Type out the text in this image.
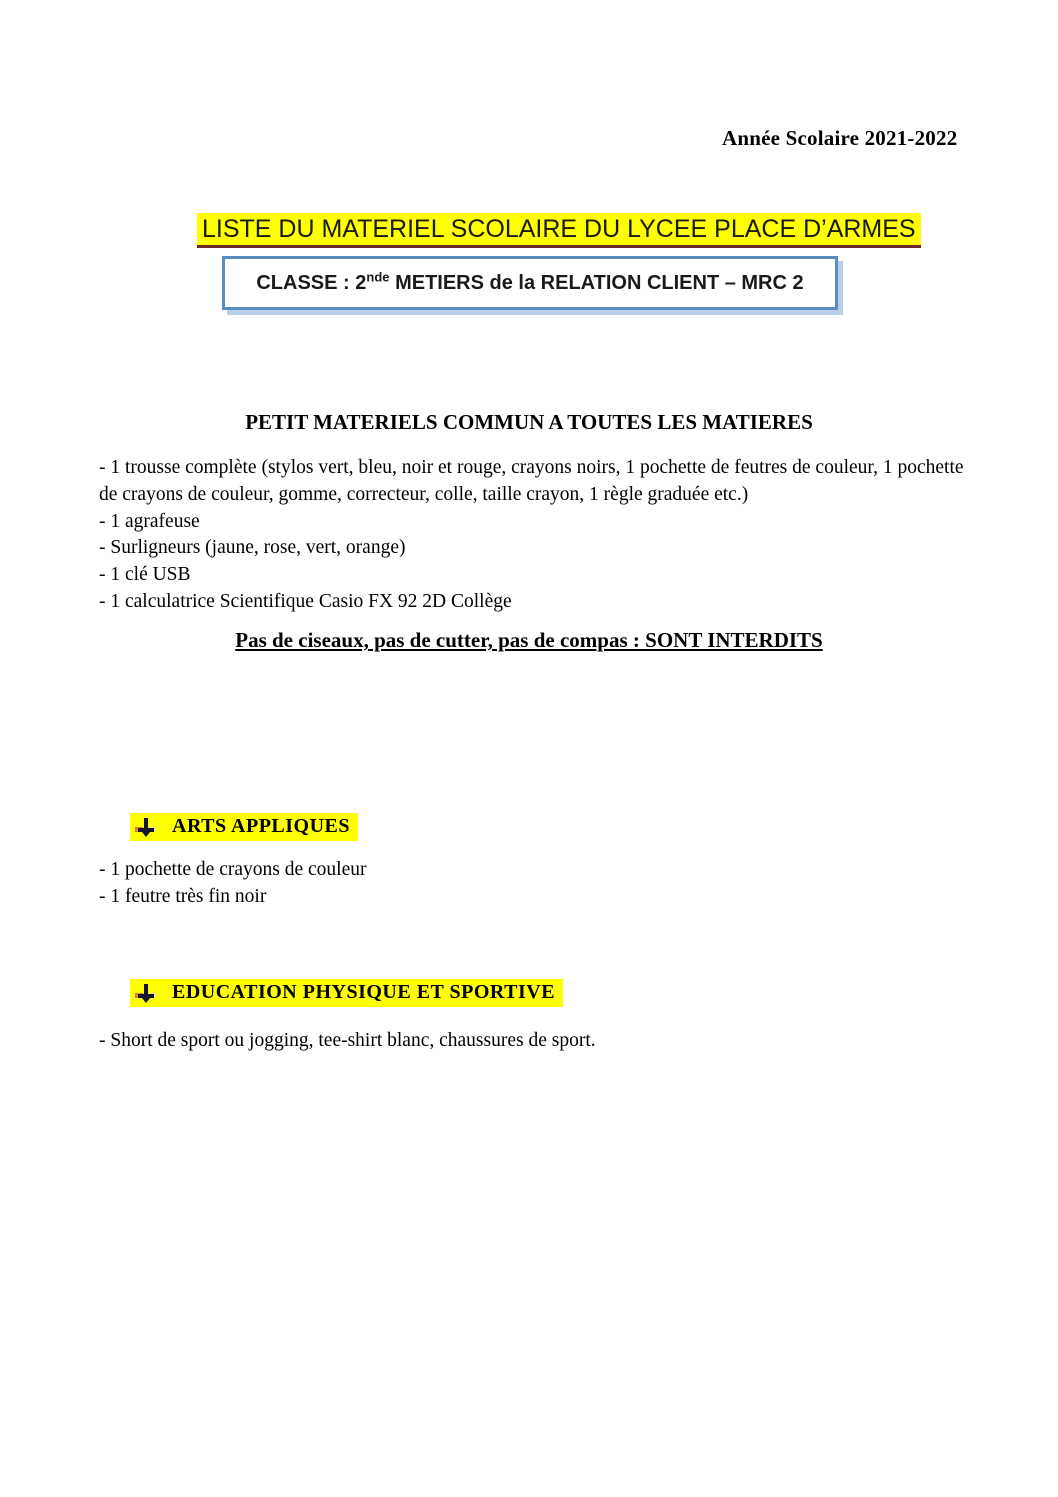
Année Scolaire 2021-2022
LISTE DU MATERIEL SCOLAIRE DU LYCEE PLACE D’ARMES
CLASSE : 2nde METIERS de la RELATION CLIENT – MRC 2
PETIT MATERIELS COMMUN A TOUTES LES MATIERES
- 1 trousse complète (stylos vert, bleu, noir et rouge, crayons noirs, 1 pochette de feutres de couleur, 1 pochette de crayons de couleur, gomme, correcteur, colle, taille crayon, 1 règle graduée etc.)
- 1 agrafeuse
- Surligneurs (jaune, rose, vert, orange)
- 1 clé USB
- 1 calculatrice Scientifique Casio FX 92 2D Collège
Pas de ciseaux, pas de cutter, pas de compas : SONT INTERDITS
ARTS APPLIQUES
- 1 pochette de crayons de couleur
- 1 feutre très fin noir
EDUCATION PHYSIQUE ET SPORTIVE
- Short de sport ou jogging, tee-shirt blanc, chaussures de sport.
